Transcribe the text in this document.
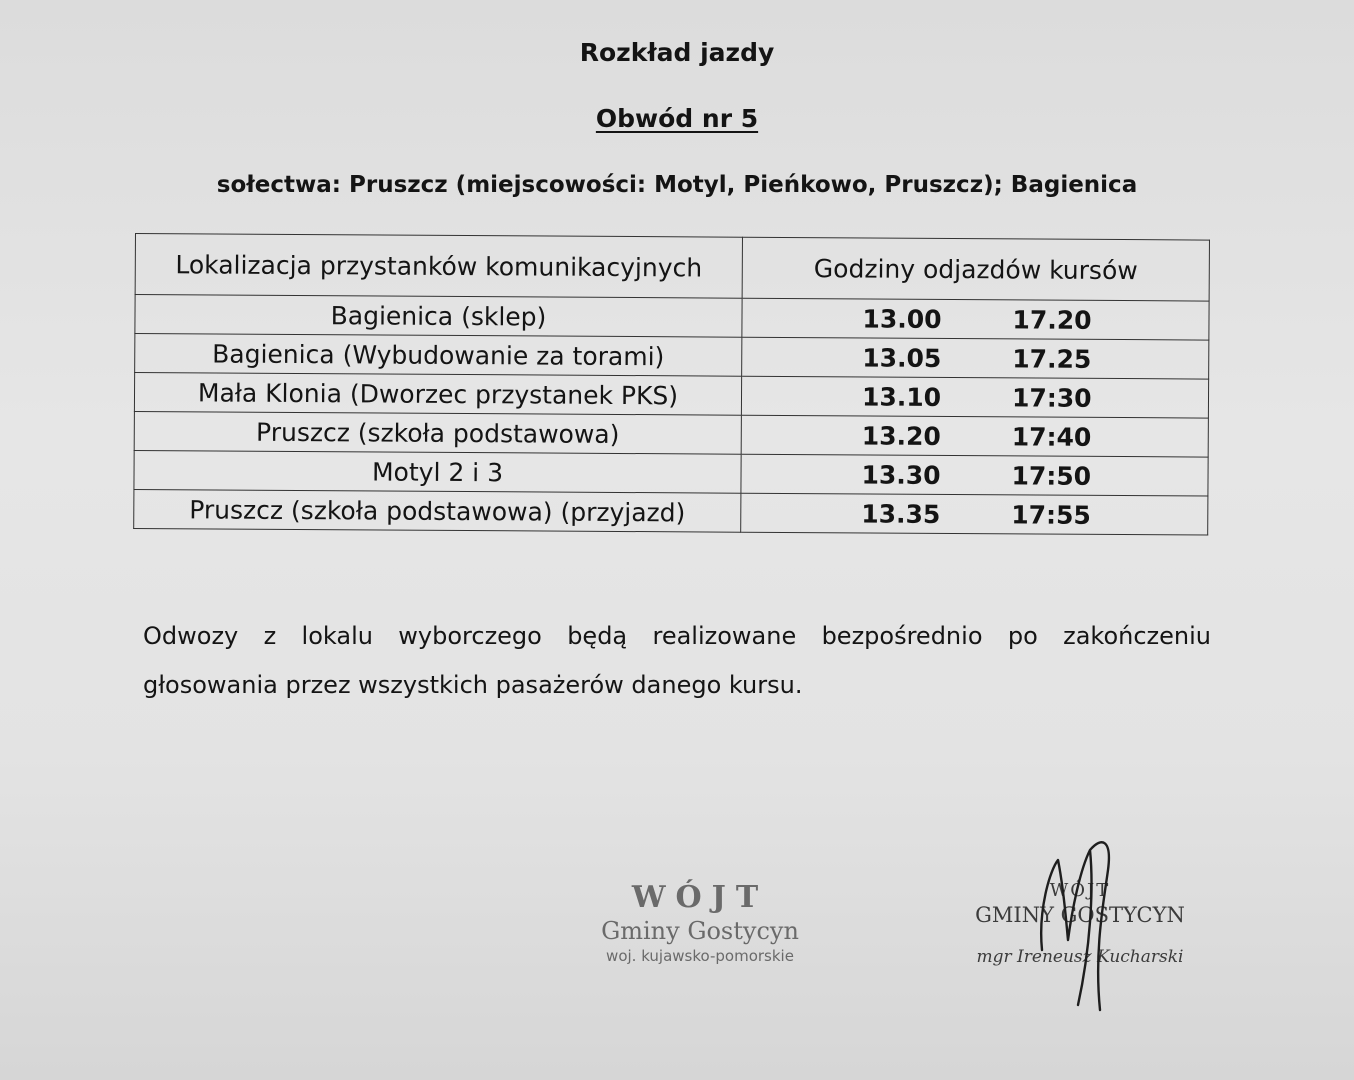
Rozkład jazdy
Obwód nr 5
sołectwa: Pruszcz (miejscowości: Motyl, Pieńkowo, Pruszcz); Bagienica
Lokalizacja przystanków komunikacyjnych	Godziny odjazdów kursów
Bagienica (sklep)	13.00 17.20

Bagienica (Wybudowanie za torami)	13.05 17.25

Mała Klonia (Dworzec przystanek PKS)	13.10 17:30

Pruszcz (szkoła podstawowa)	13.20 17:40

Motyl 2 i 3	13.30 17:50

Pruszcz (szkoła podstawowa) (przyjazd)	13.35 17:55
Odwozy z lokalu wyborczego będą realizowane bezpośrednio po zakończeniu głosowania przez wszystkich pasażerów danego kursu.
WÓJT
Gminy Gostycyn
woj. kujawsko-pomorskie
WÓJT
GMINY GOSTYCYN
mgr Ireneusz Kucharski
